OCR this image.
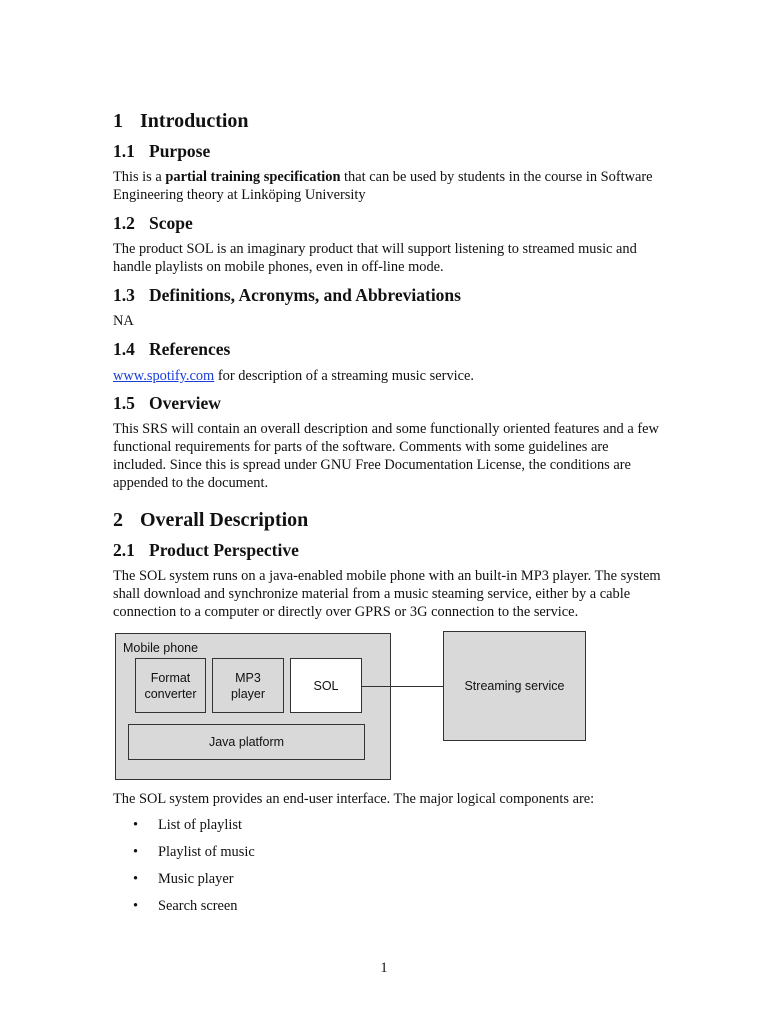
1 Introduction
1.1 Purpose

This is a partial training specification that can be used by students in the course in Software Engineering theory at Linköping University

1.2 Scope

The product SOL is an imaginary product that will support listening to streamed music and handle playlists on mobile phones, even in off-line mode.

1.3 Definitions, Acronyms, and Abbreviations

NA

1.4 References

www.spotify.com for description of a streaming music service.

1.5 Overview

This SRS will contain an overall description and some functionally oriented features and a few functional requirements for parts of the software. Comments with some guidelines are included. Since this is spread under GNU Free Documentation License, the conditions are appended to the document.

2 Overall Description
2.1 Product Perspective

The SOL system runs on a java-enabled mobile phone with an built-in MP3 player. The system shall download and synchronize material from a music steaming service, either by a cable connection to a computer or directly over GPRS or 3G connection to the service.

The SOL system provides an end-user interface. The major logical components are:

Mobile phone
Format
converter
MP3
player
SOL
Java platform
Streaming service
• List of playlist
• Playlist of music
• Music player
• Search screen
1
